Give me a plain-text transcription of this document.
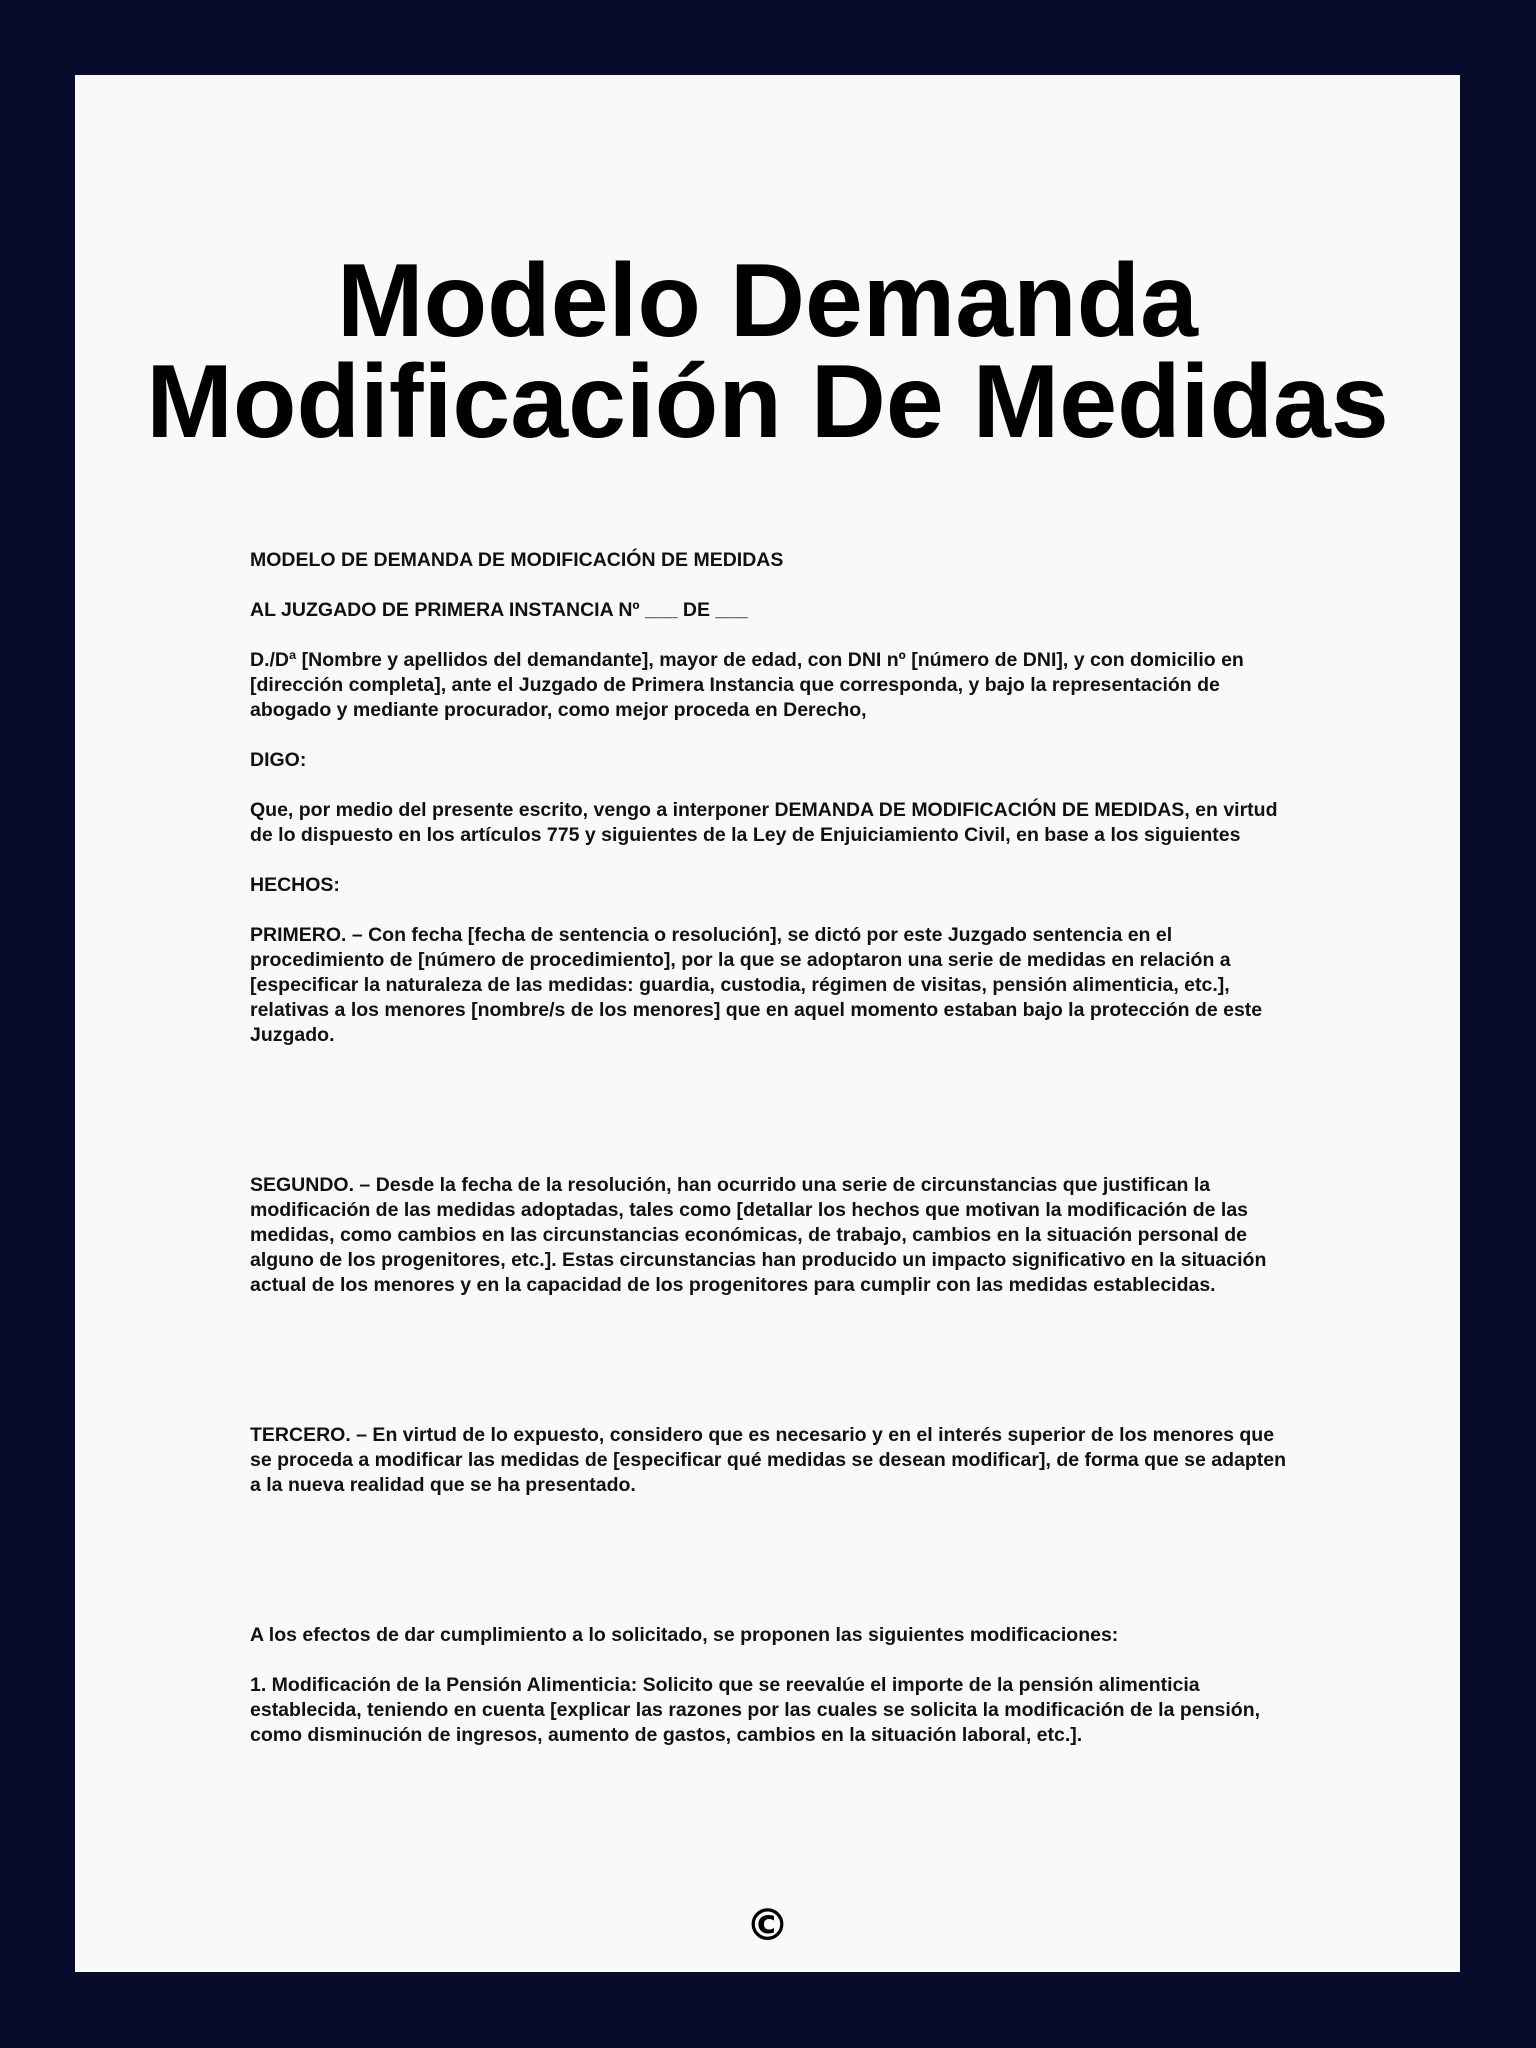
Modelo Demanda
Modificación De Medidas

MODELO DE DEMANDA DE MODIFICACIÓN DE MEDIDAS

AL JUZGADO DE PRIMERA INSTANCIA Nº ___ DE ___

D./Dª [Nombre y apellidos del demandante], mayor de edad, con DNI nº [número de DNI], y con domicilio en [dirección completa], ante el Juzgado de Primera Instancia que corresponda, y bajo la representación de abogado y mediante procurador, como mejor proceda en Derecho,

DIGO:

Que, por medio del presente escrito, vengo a interponer DEMANDA DE MODIFICACIÓN DE MEDIDAS, en virtud de lo dispuesto en los artículos 775 y siguientes de la Ley de Enjuiciamiento Civil, en base a los siguientes

HECHOS:

PRIMERO. – Con fecha [fecha de sentencia o resolución], se dictó por este Juzgado sentencia en el procedimiento de [número de procedimiento], por la que se adoptaron una serie de medidas en relación a [especificar la naturaleza de las medidas: guardia, custodia, régimen de visitas, pensión alimenticia, etc.], relativas a los menores [nombre/s de los menores] que en aquel momento estaban bajo la protección de este Juzgado.

SEGUNDO. – Desde la fecha de la resolución, han ocurrido una serie de circunstancias que justifican la modificación de las medidas adoptadas, tales como [detallar los hechos que motivan la modificación de las medidas, como cambios en las circunstancias económicas, de trabajo, cambios en la situación personal de alguno de los progenitores, etc.]. Estas circunstancias han producido un impacto significativo en la situación actual de los menores y en la capacidad de los progenitores para cumplir con las medidas establecidas.

TERCERO. – En virtud de lo expuesto, considero que es necesario y en el interés superior de los menores que se proceda a modificar las medidas de [especificar qué medidas se desean modificar], de forma que se adapten a la nueva realidad que se ha presentado.

A los efectos de dar cumplimiento a lo solicitado, se proponen las siguientes modificaciones:

1. Modificación de la Pensión Alimenticia: Solicito que se reevalúe el importe de la pensión alimenticia establecida, teniendo en cuenta [explicar las razones por las cuales se solicita la modificación de la pensión, como disminución de ingresos, aumento de gastos, cambios en la situación laboral, etc.].

©
